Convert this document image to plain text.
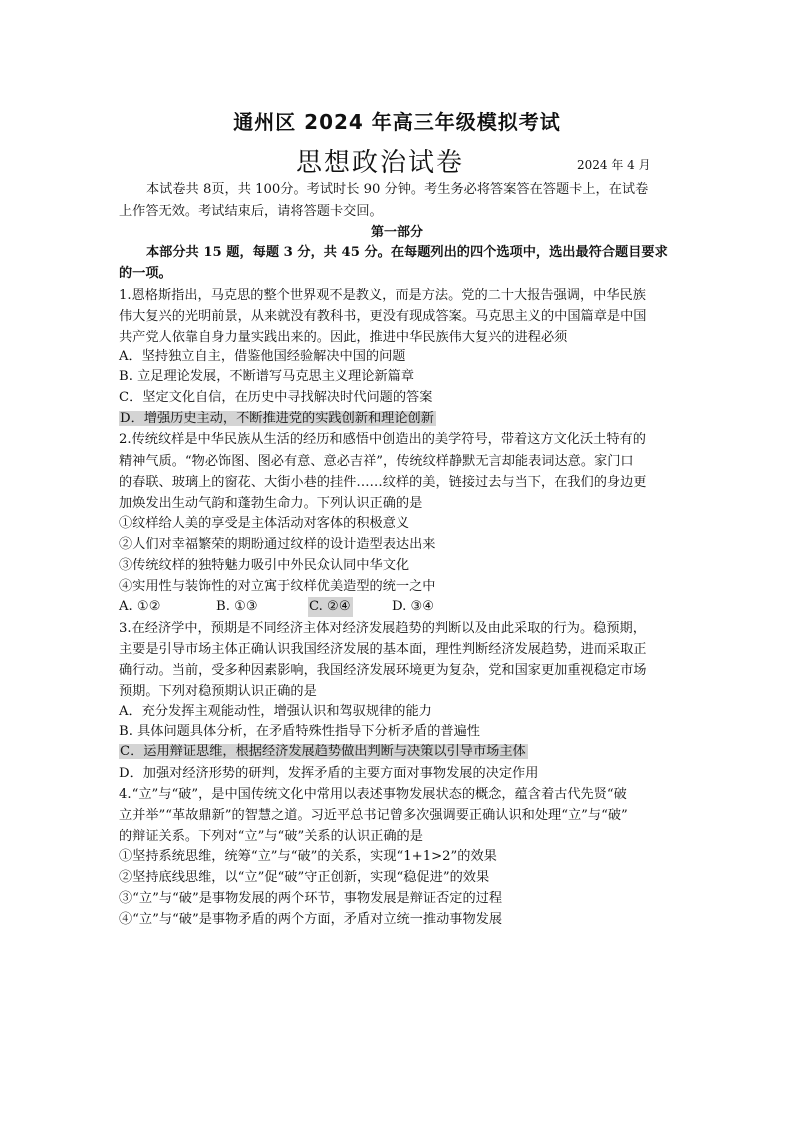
通州区 2024 年高三年级模拟考试
思想政治试卷	2024 年 4 月
本试卷共 8页，共 100分。考试时长 90 分钟。考生务必将答案答在答题卡上，在试卷
上作答无效。考试结束后，请将答题卡交回。
第一部分
本部分共 15 题，每题 3 分，共 45 分。在每题列出的四个选项中，选出最符合题目要求
的一项。
1.恩格斯指出，马克思的整个世界观不是教义，而是方法。党的二十大报告强调，中华民族
伟大复兴的光明前景，从来就没有教科书，更没有现成答案。马克思主义的中国篇章是中国
共产党人依靠自身力量实践出来的。因此，推进中华民族伟大复兴的进程必须
A．坚持独立自主，借鉴他国经验解决中国的问题
B. 立足理论发展，不断谱写马克思主义理论新篇章
C．坚定文化自信，在历史中寻找解决时代问题的答案
D．增强历史主动，不断推进党的实践创新和理论创新
2.传统纹样是中华民族从生活的经历和感悟中创造出的美学符号，带着这方文化沃土特有的
精神气质。“物必饰图、图必有意、意必吉祥”，传统纹样静默无言却能表词达意。家门口
的春联、玻璃上的窗花、大街小巷的挂件……纹样的美，链接过去与当下，在我们的身边更
加焕发出生动气韵和蓬勃生命力。下列认识正确的是
①纹样给人美的享受是主体活动对客体的积极意义
②人们对幸福繁荣的期盼通过纹样的设计造型表达出来
③传统纹样的独特魅力吸引中外民众认同中华文化
④实用性与装饰性的对立寓于纹样优美造型的统一之中
A. ①②	B. ①③	C. ②④	D. ③④
3.在经济学中，预期是不同经济主体对经济发展趋势的判断以及由此采取的行为。稳预期，
主要是引导市场主体正确认识我国经济发展的基本面，理性判断经济发展趋势，进而采取正
确行动。当前，受多种因素影响，我国经济发展环境更为复杂，党和国家更加重视稳定市场
预期。下列对稳预期认识正确的是
A．充分发挥主观能动性，增强认识和驾驭规律的能力
B. 具体问题具体分析，在矛盾特殊性指导下分析矛盾的普遍性
C．运用辩证思维，根据经济发展趋势做出判断与决策以引导市场主体
D．加强对经济形势的研判，发挥矛盾的主要方面对事物发展的决定作用
4.“立”与“破”，是中国传统文化中常用以表述事物发展状态的概念，蕴含着古代先贤“破
立并举”“革故鼎新”的智慧之道。习近平总书记曾多次强调要正确认识和处理“立”与“破”
的辩证关系。下列对“立”与“破”关系的认识正确的是
①坚持系统思维，统筹“立”与“破”的关系，实现“1+1>2”的效果
②坚持底线思维，以“立”促“破”守正创新，实现“稳促进”的效果
③“立”与“破”是事物发展的两个环节，事物发展是辩证否定的过程
④“立”与“破”是事物矛盾的两个方面，矛盾对立统一推动事物发展
